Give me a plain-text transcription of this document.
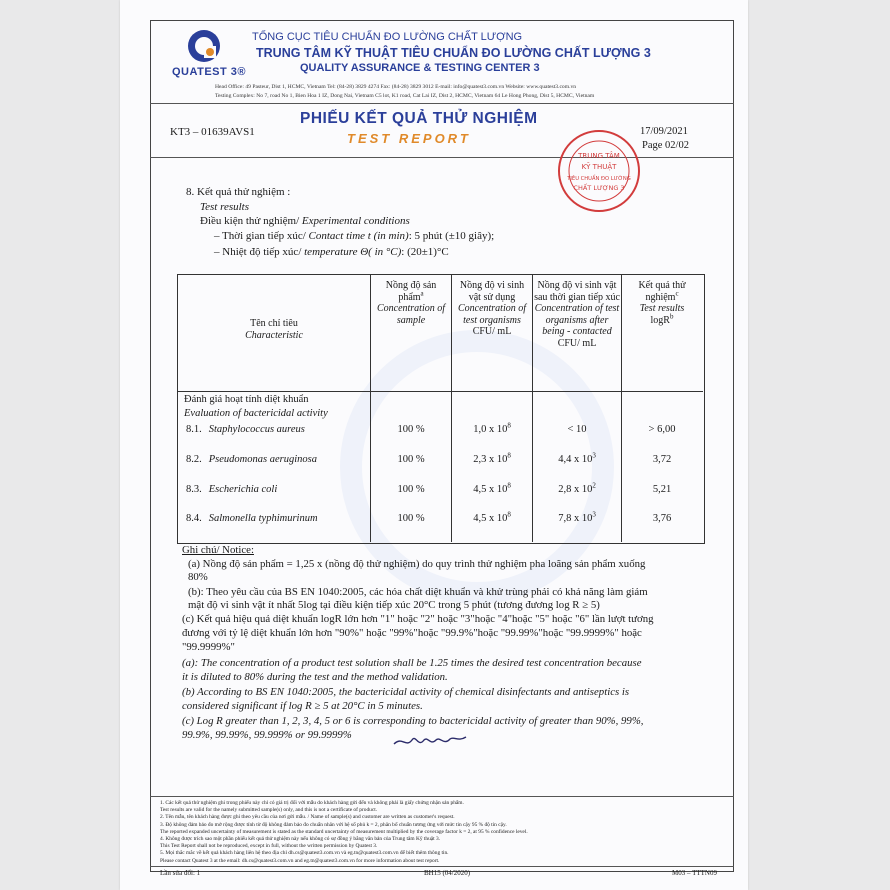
QUATEST 3®
TỔNG CỤC TIÊU CHUẨN ĐO LƯỜNG CHẤT LƯỢNG
TRUNG TÂM KỸ THUẬT TIÊU CHUẨN ĐO LƯỜNG CHẤT LƯỢNG 3
QUALITY ASSURANCE & TESTING CENTER 3
Head Office: 49 Pasteur, Dist 1, HCMC, Vietnam Tel: (84-28) 3829 4274 Fax: (84-28) 3829 3012 E-mail: info@quatest3.com.vn Website: www.quatest3.com.vn
Testing Complex: No 7, road No 1, Bien Hoa 1 IZ, Dong Nai, Vietnam C5 lot, K1 road, Cat Lai IZ, Dist 2, HCMC, Vietnam 64 Le Hong Phong, Dist 5, HCMC, Vietnam
PHIẾU KẾT QUẢ THỬ NGHIỆM
TEST REPORT
KT3 – 01639AVS1	17/09/2021
Page 02/02
TRUNG TÂM
KỸ THUẬT
TIÊU CHUẨN ĐO LƯỜNG
CHẤT LƯỢNG 3
8. Kết quả thử nghiệm :
Test results
Điều kiện thử nghiệm/ Experimental conditions
– Thời gian tiếp xúc/ Contact time t (in min): 5 phút (±10 giây);
– Nhiệt độ tiếp xúc/ temperature Θ( in °C): (20±1)°C
Tên chỉ tiêu
Characteristic
Nồng độ sản phẩm$^a$
Concentration of sample
Nồng độ vi sinh vật sử dụng
Concentration of test organisms
CFU/ mL
Nồng độ vi sinh vật sau thời gian tiếp xúc
Concentration of test organisms after being - contacted
CFU/ mL
Kết quả thử nghiệm$^c$
Test results
logR$^b$
Đánh giá hoạt tính diệt khuẩn
Evaluation of bactericidal activity
8.1. Staphylococcus aureus	100 %	1,0 x $10^8$	< 10	> 6,00
8.2. Pseudomonas aeruginosa	100 %	2,3 x $10^8$	4,4 x $10^3$	3,72
8.3. Escherichia coli	100 %	4,5 x $10^8$	2,8 x $10^2$	5,21
8.4. Salmonella typhimurinum	100 %	4,5 x $10^8$	7,8 x $10^3$	3,76
Ghi chú/ Notice:
(a) Nồng độ sản phẩm = 1,25 x (nồng độ thử nghiệm) do quy trình thử nghiệm pha loãng sản phẩm xuống
80%
(b): Theo yêu cầu của BS EN 1040:2005, các hóa chất diệt khuẩn và khử trùng phải có khả năng làm giảm
mật độ vi sinh vật ít nhất 5log tại điều kiện tiếp xúc 20°C trong 5 phút (tương đương log R ≥ 5)
(c) Kết quả hiệu quả diệt khuẩn logR lớn hơn "1" hoặc "2" hoặc "3"hoặc "4"hoặc "5" hoặc "6" lần lượt tương
đương với tỷ lệ diệt khuẩn lớn hơn "90%" hoặc "99%"hoặc "99.9%"hoặc "99.99%"hoặc "99.9999%" hoặc
"99.9999%"
(a): The concentration of a product test solution shall be 1.25 times the desired test concentration because
it is diluted to 80% during the test and the method validation.
(b) According to BS EN 1040:2005, the bactericidal activity of chemical disinfectants and antiseptics is
considered significant if log R ≥ 5 at 20°C in 5 minutes.
(c) Log R greater than 1, 2, 3, 4, 5 or 6 is corresponding to bactericidal activity of greater than 90%, 99%,
99.9%, 99.99%, 99.999% or 99.9999%
1. Các kết quả thử nghiệm ghi trong phiếu này chỉ có giá trị đối với mẫu do khách hàng gửi đến và không phải là giấy chứng nhận sản phẩm.
Test results are valid for the namely submitted sample(s) only, and this is not a certificate of product.
2. Tên mẫu, tên khách hàng được ghi theo yêu cầu của nơi gửi mẫu. / Name of sample(s) and customer are written as customer's request.
3. Độ không đảm bảo đo mở rộng được tính từ độ không đảm bảo đo chuẩn nhân với hệ số phủ k = 2, phân bố chuẩn tương ứng với mức tin cậy 95 % độ tin cậy.
The reported expanded uncertainty of measurement is stated as the standard uncertainty of measurement multiplied by the coverage factor k = 2, at 95 % confidence level.
4. Không được trích sao một phần phiếu kết quả thử nghiệm này nếu không có sự đồng ý bằng văn bản của Trung tâm Kỹ thuật 3.
This Test Report shall not be reproduced, except in full, without the written permission by Quatest 3.
5. Mọi thắc mắc về kết quả khách hàng liên hệ theo địa chỉ dh.cs@quatest3.com.vn và eg.tn@quatest3.com.vn để biết thêm thông tin.
Please contact Quatest 3 at the email: dh.cs@quatest3.com.vn and eg.tn@quatest3.com.vn for more information about test report.
Lần sửa đổi: 1	BH15 (04/2020)	M03 – TTTN09
